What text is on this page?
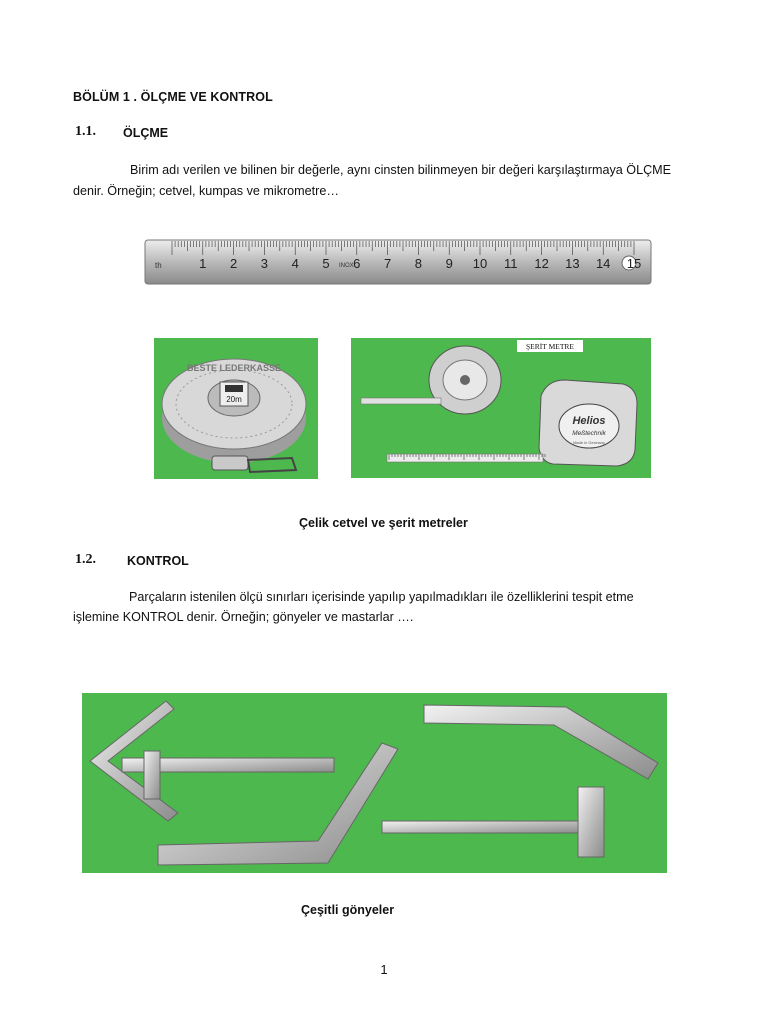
BÖLÜM 1 . ÖLÇME VE KONTROL
1.1. ÖLÇME
Birim adı verilen ve bilinen bir değerle, aynı cinsten bilinmeyen bir değeri karşılaştırmaya ÖLÇME
denir. Örneğin; cetvel, kumpas ve mikrometre…
1 2 3 4 5 6 7 8 9 10 11 12 13 14 15
th	INOX
20m
BESTE LEDERKASSE
ŞERİT METRE
Helios
Meßtechnik
Made in Germany
Çelik cetvel ve şerit metreler
1.2. KONTROL
Parçaların istenilen ölçü sınırları içerisinde yapılıp yapılmadıkları ile özelliklerini tespit etme
işlemine KONTROL denir. Örneğin; gönyeler ve mastarlar ….
Çeşitli gönyeler
1
